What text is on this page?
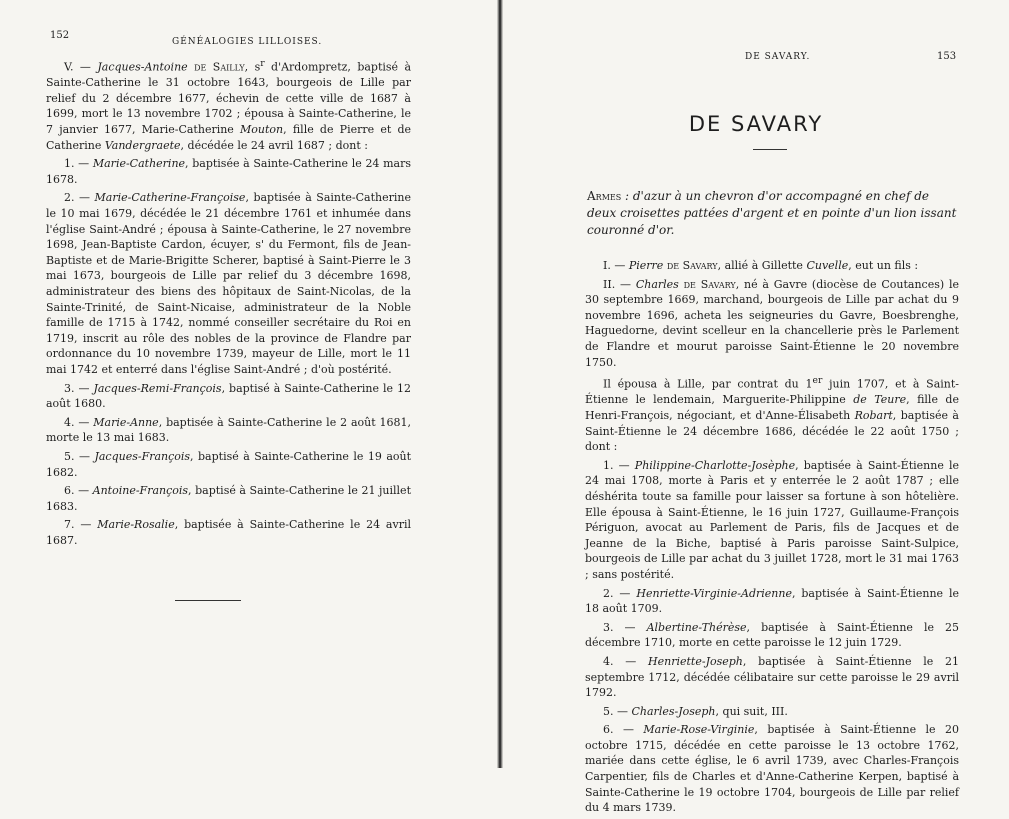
152
GÉNÉALOGIES LILLOISES.

V. — Jacques-Antoine de Sailly, $s^r$ d'Ardompretz, baptisé à Sainte-Catherine le 31 octobre 1643, bourgeois de Lille par relief du 2 décembre 1677, échevin de cette ville de 1687 à 1699, mort le 13 novembre 1702 ; épousa à Sainte-Catherine, le 7 janvier 1677, Marie-Catherine Mouton, fille de Pierre et de Catherine Vandergraete, décédée le 24 avril 1687 ; dont :

1. — Marie-Catherine, baptisée à Sainte-Catherine le 24 mars 1678.

2. — Marie-Catherine-Françoise, baptisée à Sainte-Catherine le 10 mai 1679, décédée le 21 décembre 1761 et inhumée dans l'église Saint-André ; épousa à Sainte-Catherine, le 27 novembre 1698, Jean-Baptiste Cardon, écuyer, s' du Fermont, fils de Jean-Baptiste et de Marie-Brigitte Scherer, baptisé à Saint-Pierre le 3 mai 1673, bourgeois de Lille par relief du 3 décembre 1698, administrateur des biens des hôpitaux de Saint-Nicolas, de la Sainte-Trinité, de Saint-Nicaise, administrateur de la Noble famille de 1715 à 1742, nommé conseiller secrétaire du Roi en 1719, inscrit au rôle des nobles de la province de Flandre par ordonnance du 10 novembre 1739, mayeur de Lille, mort le 11 mai 1742 et enterré dans l'église Saint-André ; d'où postérité.

3. — Jacques-Remi-François, baptisé à Sainte-Catherine le 12 août 1680.

4. — Marie-Anne, baptisée à Sainte-Catherine le 2 août 1681, morte le 13 mai 1683.

5. — Jacques-François, baptisé à Sainte-Catherine le 19 août 1682.

6. — Antoine-François, baptisé à Sainte-Catherine le 21 juillet 1683.

7. — Marie-Rosalie, baptisée à Sainte-Catherine le 24 avril 1687.

DE SAVARY.	153
DE SAVARY
Armes : d'azur à un chevron d'or accompagné en chef de deux croisettes pattées d'argent et en pointe d'un lion issant couronné d'or.

I. — Pierre de Savary, allié à Gillette Cuvelle, eut un fils :

II. — Charles de Savary, né à Gavre (diocèse de Coutances) le 30 septembre 1669, marchand, bourgeois de Lille par achat du 9 novembre 1696, acheta les seigneuries du Gavre, Boesbrenghe, Haguedorne, devint scelleur en la chancellerie près le Parlement de Flandre et mourut paroisse Saint-Étienne le 20 novembre 1750.

Il épousa à Lille, par contrat du 1er juin 1707, et à Saint-Étienne le lendemain, Marguerite-Philippine de Teure, fille de Henri-François, négociant, et d'Anne-Élisabeth Robart, baptisée à Saint-Étienne le 24 décembre 1686, décédée le 22 août 1750 ; dont :

1. — Philippine-Charlotte-Josèphe, baptisée à Saint-Étienne le 24 mai 1708, morte à Paris et y enterrée le 2 août 1787 ; elle déshérita toute sa famille pour laisser sa fortune à son hôtelière. Elle épousa à Saint-Étienne, le 16 juin 1727, Guillaume-François Périguon, avocat au Parlement de Paris, fils de Jacques et de Jeanne de la Biche, baptisé à Paris paroisse Saint-Sulpice, bourgeois de Lille par achat du 3 juillet 1728, mort le 31 mai 1763 ; sans postérité.

2. — Henriette-Virginie-Adrienne, baptisée à Saint-Étienne le 18 août 1709.

3. — Albertine-Thérèse, baptisée à Saint-Étienne le 25 décembre 1710, morte en cette paroisse le 12 juin 1729.

4. — Henriette-Joseph, baptisée à Saint-Étienne le 21 septembre 1712, décédée célibataire sur cette paroisse le 29 avril 1792.

5. — Charles-Joseph, qui suit, III.

6. — Marie-Rose-Virginie, baptisée à Saint-Étienne le 20 octobre 1715, décédée en cette paroisse le 13 octobre 1762, mariée dans cette église, le 6 avril 1739, avec Charles-François Carpentier, fils de Charles et d'Anne-Catherine Kerpen, baptisé à Sainte-Catherine le 19 octobre 1704, bourgeois de Lille par relief du 4 mars 1739.
